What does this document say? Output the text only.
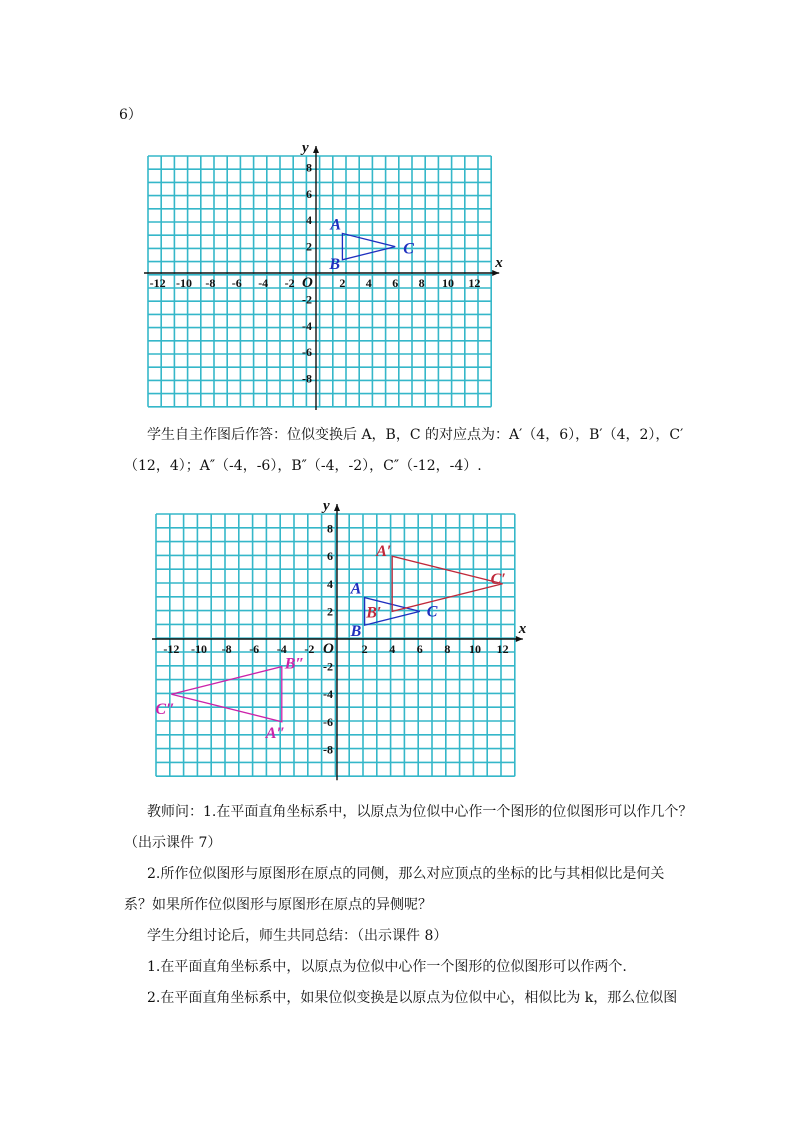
6）
x
y
O
-12 -10 -8 -6 -4 -2	2 4 6 8 10 12
8
6
4
2
-2
-4
-6
-8
A
B
C
学生自主作图后作答：位似变换后 A，B，C 的对应点为：A′（4，6），B′（4，2），C′
（12，4）；A″（-4，-6），B″（-4，-2），C″（-12，-4）.
x
y
O
-12 -10 -8 -6 -4 -2	2 4 6 8 10 12
8
6
4
2
-2
-4
-6
-8
A
B
C
A′
B′
C′
A″
B″
C″
教师问：1.在平面直角坐标系中，以原点为位似中心作一个图形的位似图形可以作几个？
（出示课件 7）
2.所作位似图形与原图形在原点的同侧，那么对应顶点的坐标的比与其相似比是何关
系？如果所作位似图形与原图形在原点的异侧呢？
学生分组讨论后，师生共同总结：（出示课件 8）
1.在平面直角坐标系中，以原点为位似中心作一个图形的位似图形可以作两个.
2.在平面直角坐标系中，如果位似变换是以原点为位似中心，相似比为 k，那么位似图
